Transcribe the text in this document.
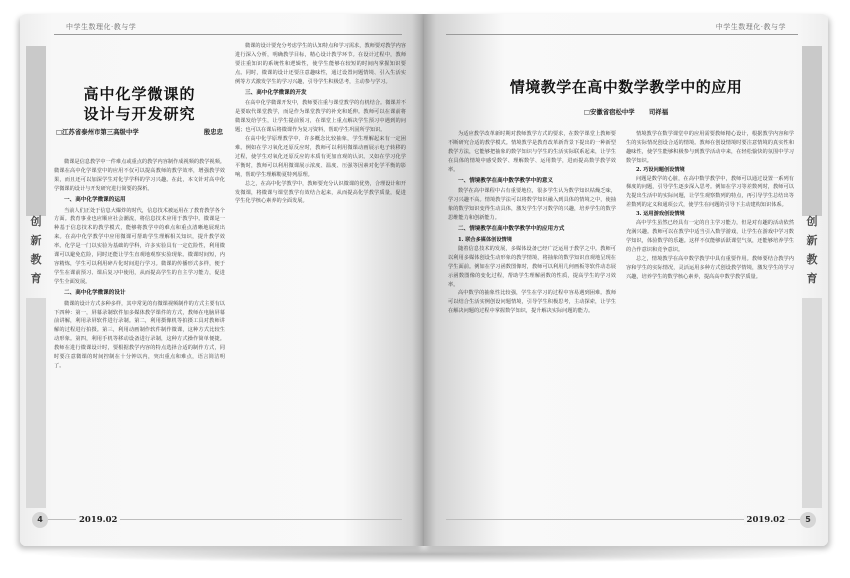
中学生数理化·教与学
创
新
教
育
高中化学微课的
设计与开发研究
□江苏省泰州市第三高级中学	殷忠忠

微课是信息教学中一件难点或重点的教学内容制作成视频的教学视频。微课在高中化学课堂中的应用不仅可以提高教师的教学效率，增强教学效果，而且还可以加深学生对化学学科的学习兴趣。在此，本文针对高中化学微课的设计与开发研究进行简要的探析。

一、高中化学微课的运用

当前人们正处于信息大爆炸的时代，信息技术被运用在了教育教学各个方面。教育事业也应顺应社会潮流，将信息技术应用于教学中。微课是一种基于信息技术的教学模式，能够将教学中的难点和重点清晰地展现出来。在高中化学教学中应用微课可帮助学生理解相关知识，提升教学效率。化学是一门以实验为基础的学科，许多实验具有一定危险性，利用微课可以避免危险，同时还能让学生直观地观察实验现象。微课时间短，内容精炼，学生可以利用碎片化时间进行学习。微课的传播形式多样，便于学生在课前预习、课后复习中使用，从而提高学生的自主学习能力，促进学生全面发展。

二、高中化学微课的设计

微课的设计方式多种多样，其中常见的有微课视频制作的方式主要有以下四种：第一，屏幕录制软件加多媒体教学课件的方式，教师在电脑屏幕前讲解，利用录屏软件进行录制。第二，利用摄像机等拍摄工具对教师讲解的过程进行拍摄。第三，利用动画制作软件制作微课，这种方式比较生动形象。第四，利用手机等移动设备进行录制，这种方式操作简单便捷。教师在进行微课设计时，要根据教学内容的特点选择合适的制作方式，同时要注意微课的时间控制在十分钟以内，突出重点和难点，语言简洁明了。

微课的设计要充分考虑学生的认知特点和学习需求，教师要对教学内容进行深入分析，明确教学目标，精心设计教学环节。在设计过程中，教师要注重知识的系统性和逻辑性，使学生能够在较短的时间内掌握知识要点。同时，微课的设计还要注意趣味性，通过设置问题情境、引入生活实例等方式激发学生的学习兴趣，引导学生积极思考，主动参与学习。

三、高中化学微课的开发

在高中化学微课开发中，教师要注重与课堂教学的有机结合。微课并不是要取代课堂教学，而是作为课堂教学的补充和延伸。教师可以在课前将微课发给学生，让学生提前预习，在课堂上重点解决学生预习中遇到的问题；也可以在课后将微课作为复习资料，帮助学生巩固所学知识。

在高中化学原理教学中，许多概念比较抽象，学生理解起来有一定困难。例如在学习氧化还原反应时，教师可以利用微课动画展示电子转移的过程，使学生对氧化还原反应的本质有更加直观的认识。又如在学习化学平衡时，教师可以利用微课展示浓度、温度、压强等因素对化学平衡的影响，帮助学生理解勒夏特列原理。

总之，在高中化学教学中，教师要充分认识微课的优势，合理设计和开发微课，将微课与课堂教学有效结合起来，从而提高化学教学质量，促进学生化学核心素养的全面发展。

4	2019.02
中学生数理化·教与学
创
新
教
育
情境教学在高中数学教学中的应用
□安徽省宿松中学 司祥福

为适应教学改革新时期对教师教学方式的要求，在数学课堂上教师要不断研究合适的教学模式。情境教学是教育改革新背景下提出的一种新型教学方法，它能够把抽象的数学知识与学生的生活实际联系起来，让学生在具体的情境中感受数学、理解数学、运用数学，进而提高数学教学效率。

一、情境教学在高中数学教学中的意义

数学在高中课程中占有重要地位，很多学生认为数学知识枯燥乏味，学习兴趣不高。情境教学法可以将数学知识融入到具体的情境之中，使抽象的数学知识变得生动具体，激发学生学习数学的兴趣，培养学生的数学思维能力和创新能力。

二、情境教学在高中数学教学中的应用方式
1. 联合多媒体创设情境

随着信息技术的发展，多媒体设备已经广泛运用于教学之中。教师可以利用多媒体创设生动形象的教学情境，将抽象的数学知识直观地呈现在学生面前。例如在学习函数图像时，教师可以利用几何画板等软件动态展示函数图像的变化过程，帮助学生理解函数的性质，提高学生的学习效率。

高中数学的抽象性比较强，学生在学习的过程中容易遇到困难。教师可以结合生活实例创设问题情境，引导学生积极思考，主动探索，让学生在解决问题的过程中掌握数学知识，提升解决实际问题的能力。

情境教学在数学课堂中的应用需要教师精心设计，根据教学内容和学生的实际情况创设合适的情境。教师在创设情境时要注意情境的真实性和趣味性，使学生能够积极参与到教学活动中来，在轻松愉快的氛围中学习数学知识。

2. 巧设问题创设情境

问题是数学的心脏，在高中数学教学中，教师可以通过设置一系列有梯度的问题，引导学生逐步深入思考。例如在学习等差数列时，教师可以先提出生活中的实际问题，让学生观察数列的特点，再引导学生总结出等差数列的定义和通项公式，使学生在问题的引导下主动建构知识体系。

3. 运用游戏创设情境

高中学生虽然已经具有一定的自主学习能力，但是对有趣的活动依然充满兴趣。教师可以在教学中适当引入数学游戏，让学生在游戏中学习数学知识，体验数学的乐趣。这样不仅能够活跃课堂气氛，还能够培养学生的合作意识和竞争意识。

总之，情境教学在高中数学教学中具有重要作用。教师要结合教学内容和学生的实际情况，灵活运用多种方式创设教学情境，激发学生的学习兴趣，培养学生的数学核心素养，提高高中数学教学质量。

2019.02	5
